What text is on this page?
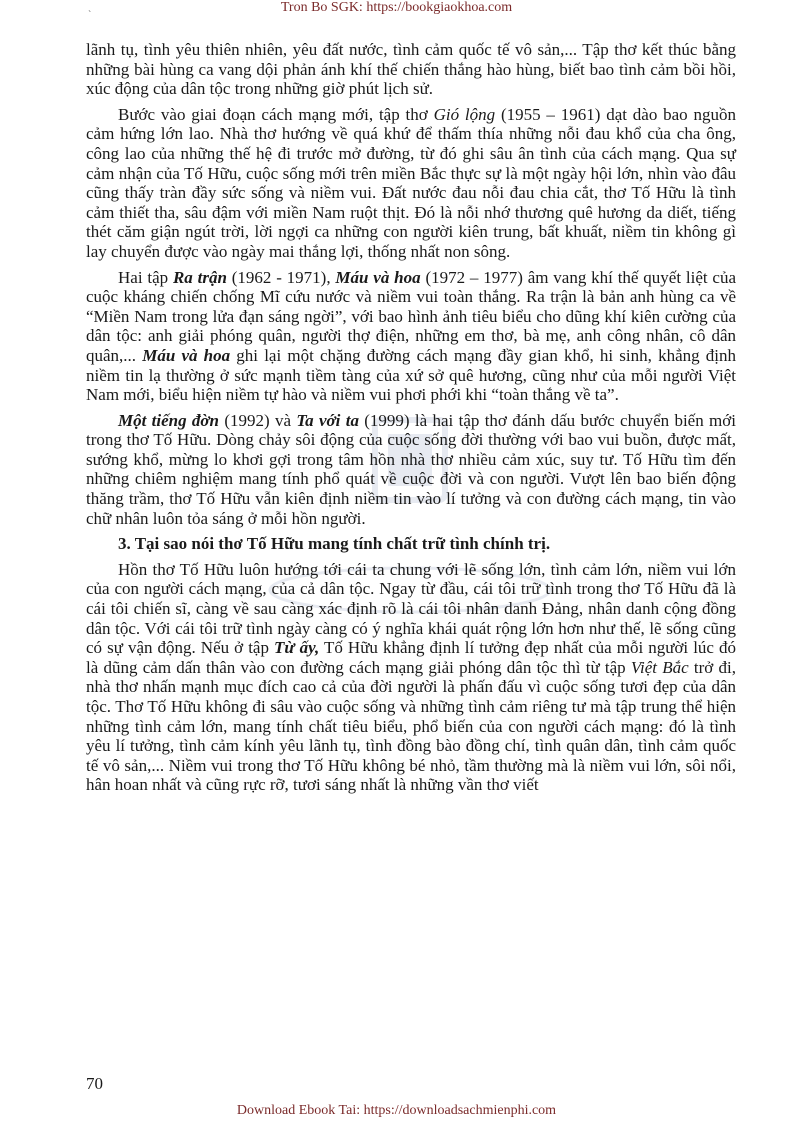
Tron Bo SGK: https://bookgiaokhoa.com
`

lãnh tụ, tình yêu thiên nhiên, yêu đất nước, tình cảm quốc tế vô sản,... Tập thơ kết thúc bằng những bài hùng ca vang dội phản ánh khí thế chiến thắng hào hùng, biết bao tình cảm bồi hồi, xúc động của dân tộc trong những giờ phút lịch sử.

Bước vào giai đoạn cách mạng mới, tập thơ Gió lộng (1955 – 1961) dạt dào bao nguồn cảm hứng lớn lao. Nhà thơ hướng về quá khứ để thấm thía những nỗi đau khổ của cha ông, công lao của những thế hệ đi trước mở đường, từ đó ghi sâu ân tình của cách mạng. Qua sự cảm nhận của Tố Hữu, cuộc sống mới trên miền Bắc thực sự là một ngày hội lớn, nhìn vào đâu cũng thấy tràn đầy sức sống và niềm vui. Đất nước đau nỗi đau chia cắt, thơ Tố Hữu là tình cảm thiết tha, sâu đậm với miền Nam ruột thịt. Đó là nỗi nhớ thương quê hương da diết, tiếng thét căm giận ngút trời, lời ngợi ca những con người kiên trung, bất khuất, niềm tin không gì lay chuyển được vào ngày mai thắng lợi, thống nhất non sông.

Hai tập Ra trận (1962 - 1971), Máu và hoa (1972 – 1977) âm vang khí thế quyết liệt của cuộc kháng chiến chống Mĩ cứu nước và niềm vui toàn thắng. Ra trận là bản anh hùng ca về “Miền Nam trong lửa đạn sáng ngời”, với bao hình ảnh tiêu biểu cho dũng khí kiên cường của dân tộc: anh giải phóng quân, người thợ điện, những em thơ, bà mẹ, anh công nhân, cô dân quân,... Máu và hoa ghi lại một chặng đường cách mạng đầy gian khổ, hi sinh, khẳng định niềm tin lạ thường ở sức mạnh tiềm tàng của xứ sở quê hương, cũng như của mỗi người Việt Nam mới, biểu hiện niềm tự hào và niềm vui phơi phới khi “toàn thắng về ta”.

Một tiếng đờn (1992) và Ta với ta (1999) là hai tập thơ đánh dấu bước chuyển biến mới trong thơ Tố Hữu. Dòng chảy sôi động của cuộc sống đời thường với bao vui buồn, được mất, sướng khổ, mừng lo khơi gợi trong tâm hồn nhà thơ nhiều cảm xúc, suy tư. Tố Hữu tìm đến những chiêm nghiệm mang tính phổ quát về cuộc đời và con người. Vượt lên bao biến động thăng trầm, thơ Tố Hữu vẫn kiên định niềm tin vào lí tưởng và con đường cách mạng, tin vào chữ nhân luôn tỏa sáng ở mỗi hồn người.

3. Tại sao nói thơ Tố Hữu mang tính chất trữ tình chính trị.

Hồn thơ Tố Hữu luôn hướng tới cái ta chung với lẽ sống lớn, tình cảm lớn, niềm vui lớn của con người cách mạng, của cả dân tộc. Ngay từ đầu, cái tôi trữ tình trong thơ Tố Hữu đã là cái tôi chiến sĩ, càng về sau càng xác định rõ là cái tôi nhân danh Đảng, nhân danh cộng đồng dân tộc. Với cái tôi trữ tình ngày càng có ý nghĩa khái quát rộng lớn hơn như thế, lẽ sống cũng có sự vận động. Nếu ở tập Từ ấy, Tố Hữu khẳng định lí tưởng đẹp nhất của mỗi người lúc đó là dũng cảm dấn thân vào con đường cách mạng giải phóng dân tộc thì từ tập Việt Bắc trở đi, nhà thơ nhấn mạnh mục đích cao cả của đời người là phấn đấu vì cuộc sống tươi đẹp của dân tộc. Thơ Tố Hữu không đi sâu vào cuộc sống và những tình cảm riêng tư mà tập trung thể hiện những tình cảm lớn, mang tính chất tiêu biểu, phổ biến của con người cách mạng: đó là tình yêu lí tưởng, tình cảm kính yêu lãnh tụ, tình đồng bào đồng chí, tình quân dân, tình cảm quốc tế vô sản,... Niềm vui trong thơ Tố Hữu không bé nhỏ, tầm thường mà là niềm vui lớn, sôi nổi, hân hoan nhất và cũng rực rỡ, tươi sáng nhất là những vần thơ viết

70
Download Ebook Tai: https://downloadsachmienphi.com
